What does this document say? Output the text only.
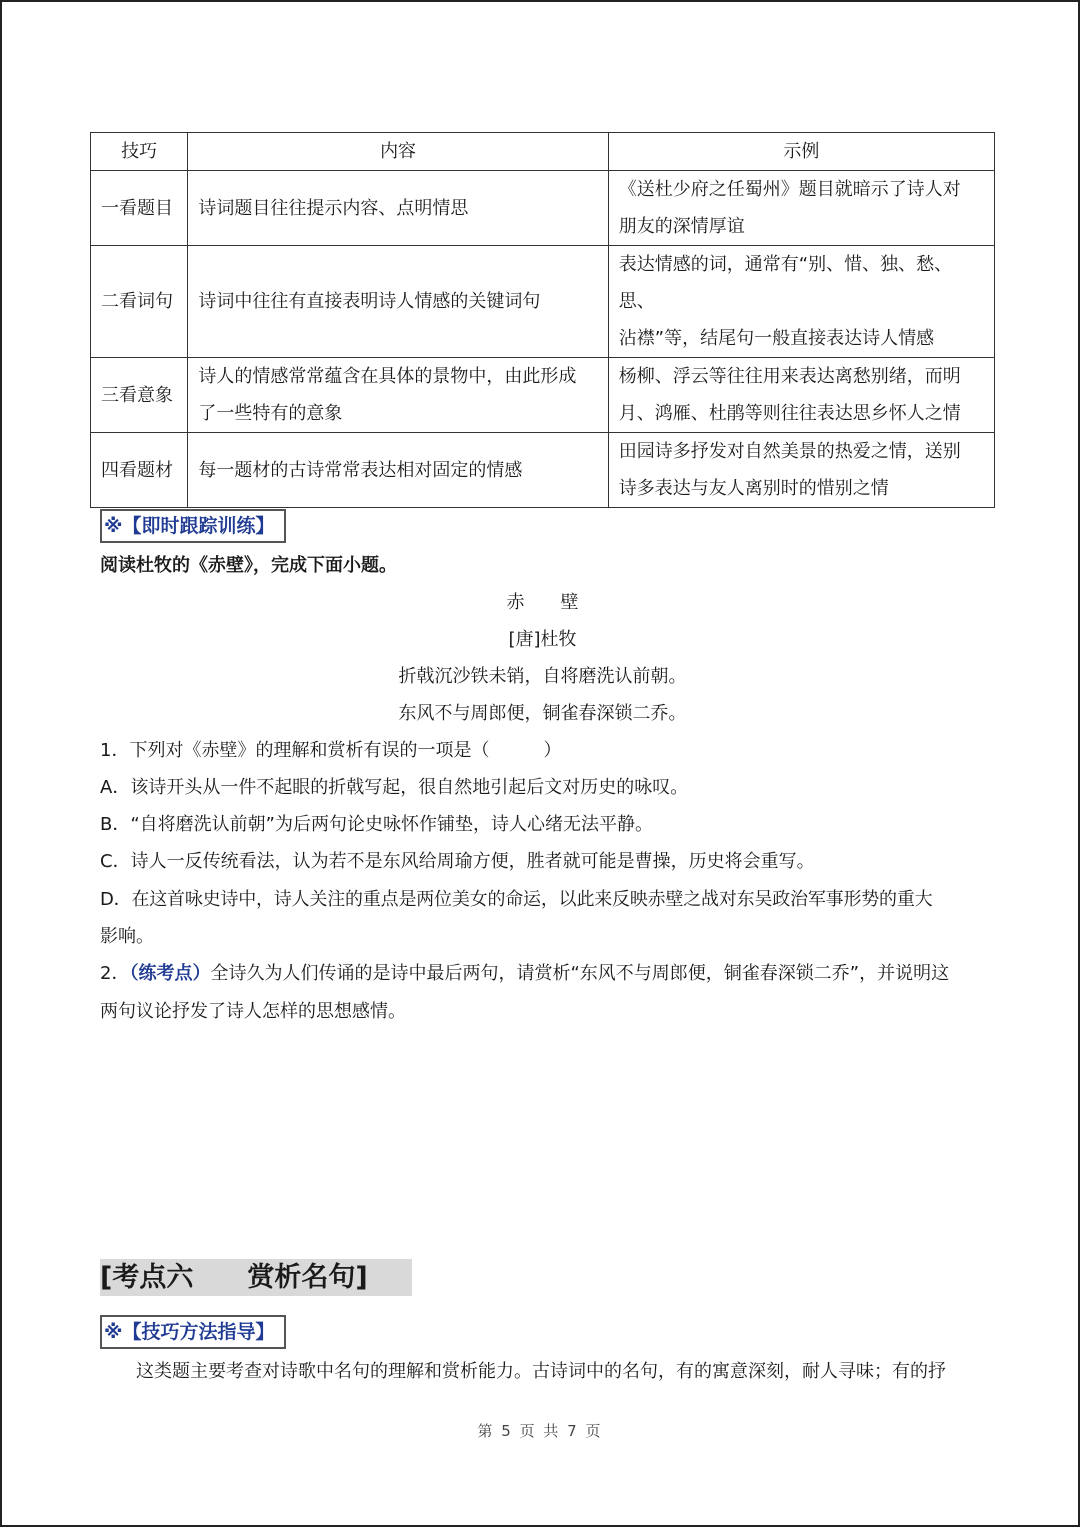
技巧	内容	示例
一看题目	诗词题目往往提示内容、点明情思	《送杜少府之任蜀州》题目就暗示了诗人对
朋友的深情厚谊
二看词句	诗词中往往有直接表明诗人情感的关键词句	表达情感的词，通常有“别、惜、独、愁、思、
沾襟”等，结尾句一般直接表达诗人情感
三看意象	诗人的情感常常蕴含在具体的景物中，由此形成
了一些特有的意象	杨柳、浮云等往往用来表达离愁别绪，而明
月、鸿雁、杜鹃等则往往表达思乡怀人之情
四看题材	每一题材的古诗常常表达相对固定的情感	田园诗多抒发对自然美景的热爱之情，送别
诗多表达与友人离别时的惜别之情
※【即时跟踪训练】
阅读杜牧的《赤壁》，完成下面小题。
赤　　壁
[唐]杜牧
折戟沉沙铁未销，自将磨洗认前朝。
东风不与周郎便，铜雀春深锁二乔。
1．下列对《赤壁》的理解和赏析有误的一项是（　　　）
A．该诗开头从一件不起眼的折戟写起，很自然地引起后文对历史的咏叹。
B．“自将磨洗认前朝”为后两句论史咏怀作铺垫，诗人心绪无法平静。
C．诗人一反传统看法，认为若不是东风给周瑜方便，胜者就可能是曹操，历史将会重写。
D．在这首咏史诗中，诗人关注的重点是两位美女的命运，以此来反映赤壁之战对东吴政治军事形势的重大
影响。
2．（练考点）全诗久为人们传诵的是诗中最后两句，请赏析“东风不与周郎便，铜雀春深锁二乔”，并说明这
两句议论抒发了诗人怎样的思想感情。
[考点六　　赏析名句]
※【技巧方法指导】
这类题主要考查对诗歌中名句的理解和赏析能力。古诗词中的名句，有的寓意深刻，耐人寻味；有的抒
第 5 页 共 7 页
